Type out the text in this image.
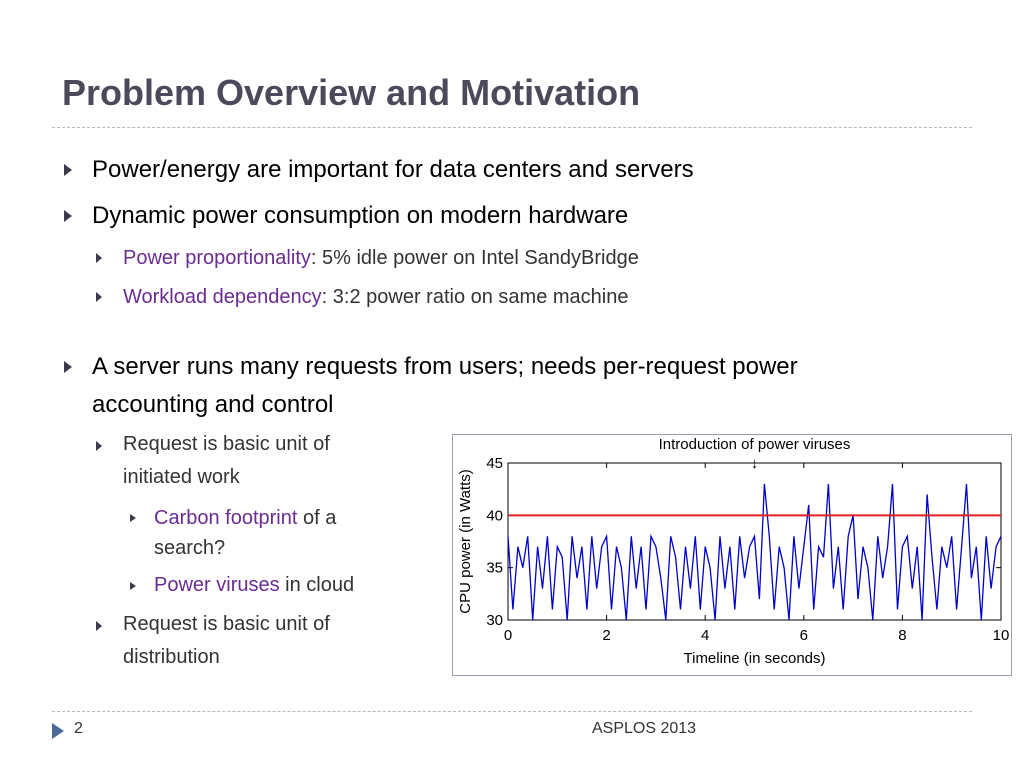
Problem Overview and Motivation
Power/energy are important for data centers and servers
Dynamic power consumption on modern hardware
Power proportionality: 5% idle power on Intel SandyBridge
Workload dependency: 3:2 power ratio on same machine
A server runs many requests from users; needs per-request power
accounting and control
Request is basic unit of
initiated work
Carbon footprint of a
search?
Power viruses in cloud
Request is basic unit of
distribution
Introduction of power viruses
↓
Timeline (in seconds)
CPU power (in Watts)
30
35
40
45
0	2	4	6	8	10
2	ASPLOS 2013
